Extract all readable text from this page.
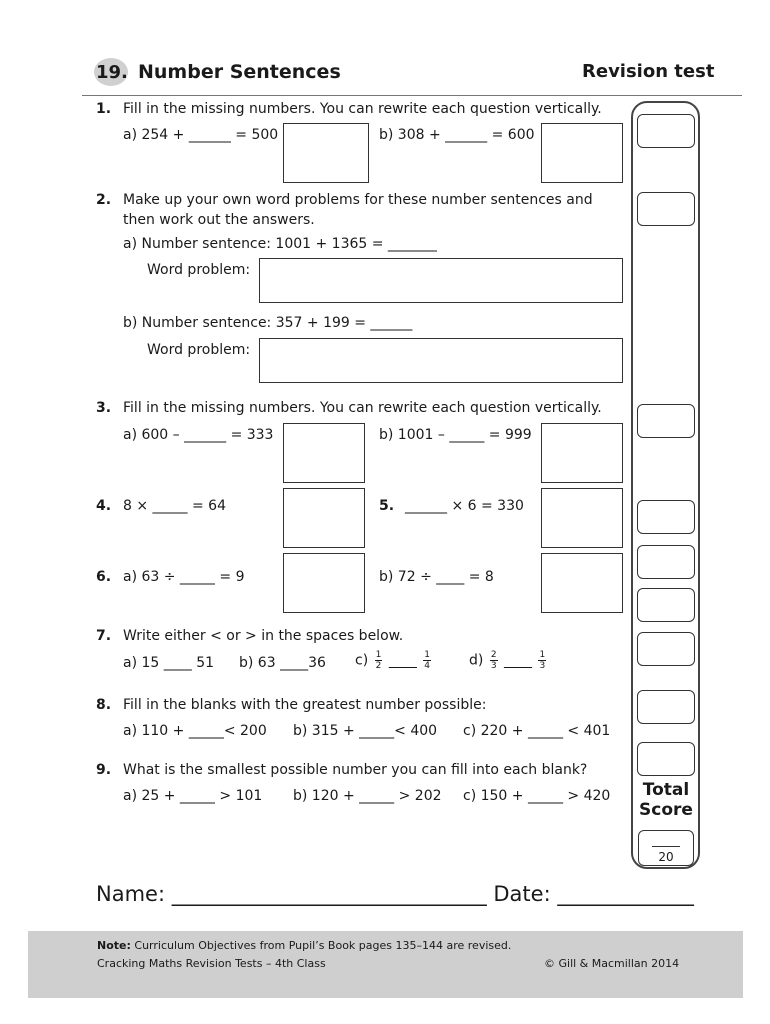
19. Number Sentences	Revision test
Total
Score
20
1. Fill in the missing numbers. You can rewrite each question vertically.
a) 254 + ______ = 500	b) 308 + ______ = 600
2. Make up your own word problems for these number sentences and
then work out the answers.
a) Number sentence: 1001 + 1365 = _______
Word problem:
b) Number sentence: 357 + 199 = ______
Word problem:
3. Fill in the missing numbers. You can rewrite each question vertically.
a) 600 – ______ = 333	b) 1001 – _____ = 999
4. 8 × _____ = 64	5. ______ × 6 = 330
6. a) 63 ÷ _____ = 9	b) 72 ÷ ____ = 8
7. Write either < or > in the spaces below.
a) 15 ____ 51 b) 63 ____36 $c) \frac{1}{2}$ ____ $\frac{1}{4}$	$d) \frac{2}{3}$ ____ $\frac{1}{3}$
8. Fill in the blanks with the greatest number possible:
a) 110 + _____< 200 b) 315 + _____< 400 c) 220 + _____ < 401
9. What is the smallest possible number you can fill into each blank?
a) 25 + _____ > 101 b) 120 + _____ > 202 c) 150 + _____ > 420
Name: ______________________________ Date: _____________
Note: Curriculum Objectives from Pupil’s Book pages 135–144 are revised.
Cracking Maths Revision Tests – 4th Class	© Gill & Macmillan 2014
